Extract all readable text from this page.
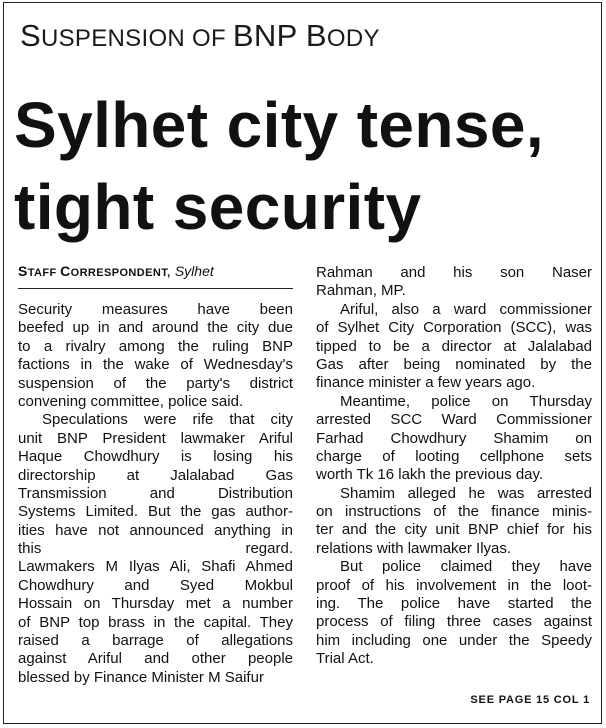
SUSPENSION OF BNP BODY
Sylhet city tense,
tight security
STAFF CORRESPONDENT, Sylhet
Security measures have been
beefed up in and around the city due
to a rivalry among the ruling BNP
factions in the wake of Wednesday's
suspension of the party's district
convening committee, police said.
Speculations were rife that city
unit BNP President lawmaker Ariful
Haque Chowdhury is losing his
directorship at Jalalabad Gas
Transmission and Distribution
Systems Limited. But the gas author-
ities have not announced anything in
this regard.
Lawmakers M Ilyas Ali, Shafi Ahmed
Chowdhury and Syed Mokbul
Hossain on Thursday met a number
of BNP top brass in the capital. They
raised a barrage of allegations
against Ariful and other people
blessed by Finance Minister M Saifur
Rahman and his son Naser
Rahman, MP.
Ariful, also a ward commissioner
of Sylhet City Corporation (SCC), was
tipped to be a director at Jalalabad
Gas after being nominated by the
finance minister a few years ago.
Meantime, police on Thursday
arrested SCC Ward Commissioner
Farhad Chowdhury Shamim on
charge of looting cellphone sets
worth Tk 16 lakh the previous day.
Shamim alleged he was arrested
on instructions of the finance minis-
ter and the city unit BNP chief for his
relations with lawmaker Ilyas.
But police claimed they have
proof of his involvement in the loot-
ing. The police have started the
process of filing three cases against
him including one under the Speedy
Trial Act.
SEE PAGE 15 COL 1
